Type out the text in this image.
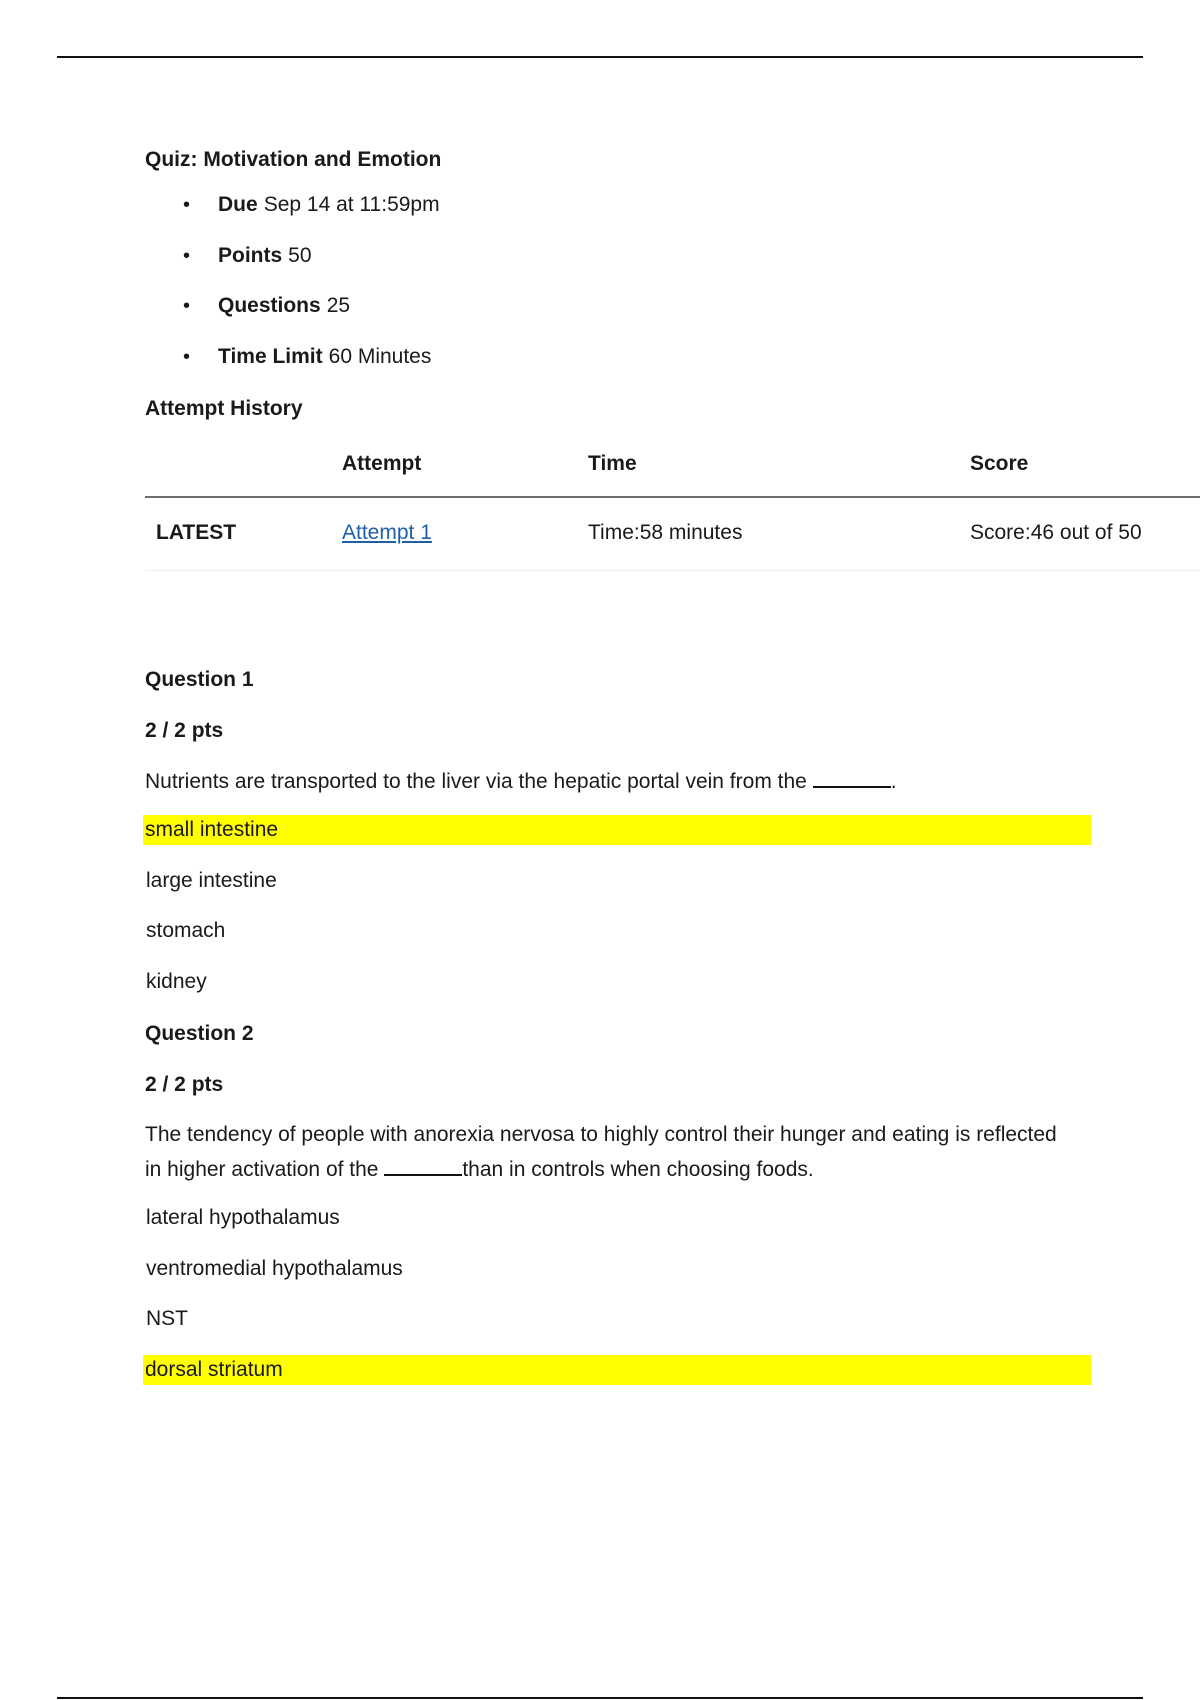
Quiz: Motivation and Emotion
• Due Sep 14 at 11:59pm
• Points 50
• Questions 25
• Time Limit 60 Minutes
Attempt History
	Attempt	Time	Score
LATEST	Attempt 1	Time:58 minutes	Score:46 out of 50
Question 1
2 / 2 pts
Nutrients are transported to the liver via the hepatic portal vein from the	.
small intestine
large intestine
stomach
kidney
Question 2
2 / 2 pts
The tendency of people with anorexia nervosa to highly control their hunger and eating is reflected in higher activation of the	than in controls when choosing foods.
lateral hypothalamus
ventromedial hypothalamus
NST
dorsal striatum
